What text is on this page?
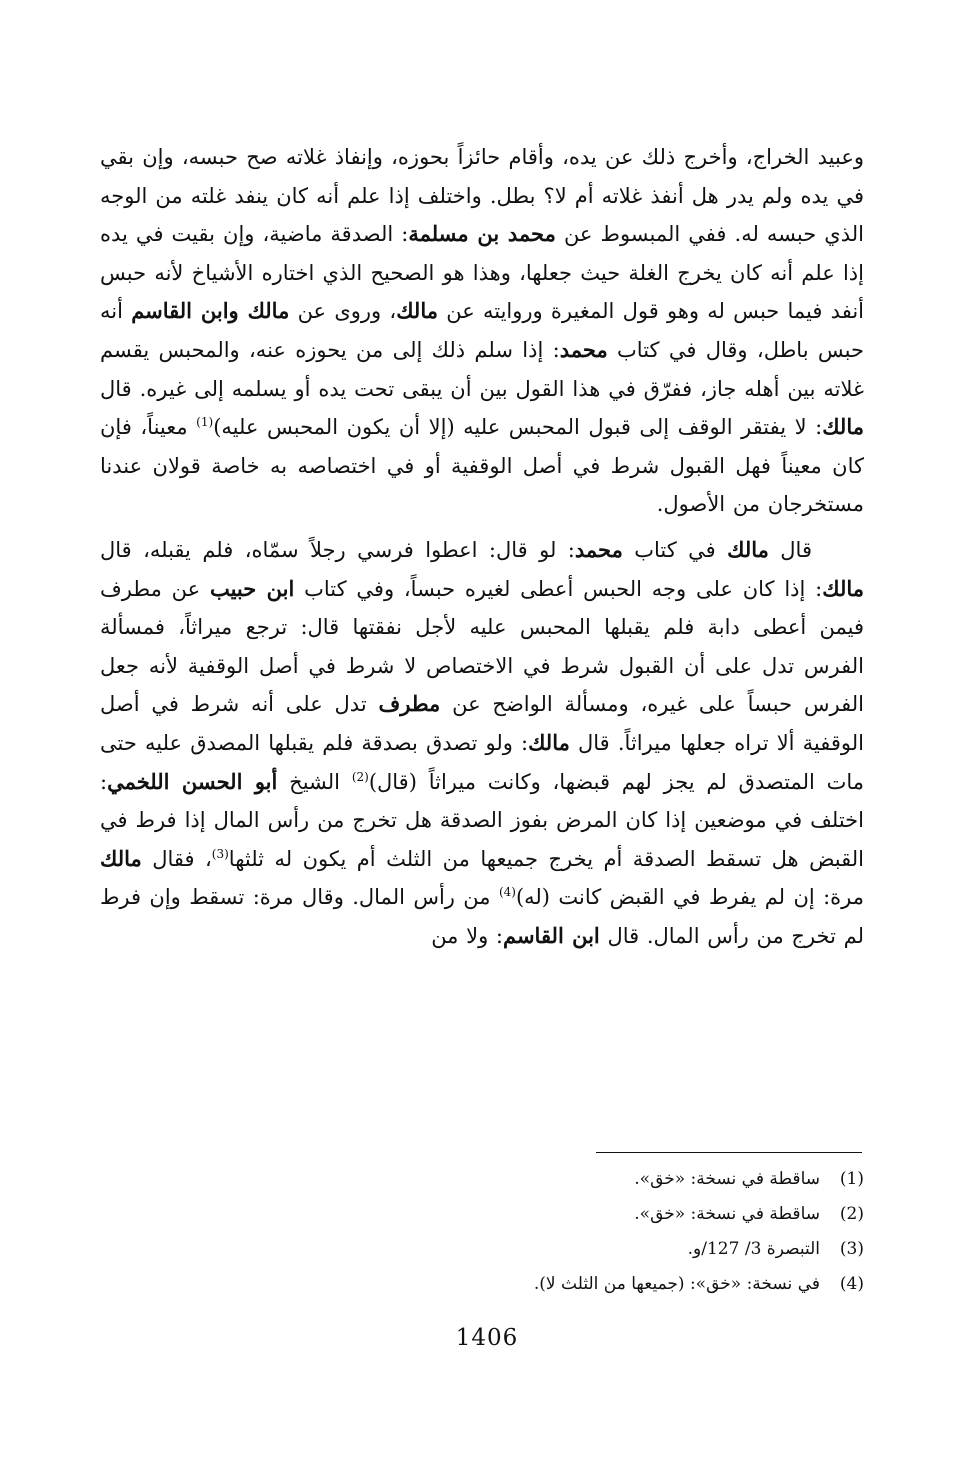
وعبيد الخراج، وأخرج ذلك عن يده، وأقام حائزاً بحوزه، وإنفاذ غلاته صح حبسه، وإن بقي في يده ولم يدر هل أنفذ غلاته أم لا؟ بطل. واختلف إذا علم أنه كان ينفد غلته من الوجه الذي حبسه له. ففي المبسوط عن محمد بن مسلمة: الصدقة ماضية، وإن بقيت في يده إذا علم أنه كان يخرج الغلة حيث جعلها، وهذا هو الصحيح الذي اختاره الأشياخ لأنه حبس أنفد فيما حبس له وهو قول المغيرة وروايته عن مالك، وروى عن مالك وابن القاسم أنه حبس باطل، وقال في كتاب محمد: إذا سلم ذلك إلى من يحوزه عنه، والمحبس يقسم غلاته بين أهله جاز، ففرّق في هذا القول بين أن يبقى تحت يده أو يسلمه إلى غيره. قال مالك: لا يفتقر الوقف إلى قبول المحبس عليه (إلا أن يكون المحبس عليه)$^{(1)}$ معيناً، فإن كان معيناً فهل القبول شرط في أصل الوقفية أو في اختصاصه به خاصة قولان عندنا مستخرجان من الأصول.

قال مالك في كتاب محمد: لو قال: اعطوا فرسي رجلاً سمّاه، فلم يقبله، قال مالك: إذا كان على وجه الحبس أعطى لغيره حبساً، وفي كتاب ابن حبيب عن مطرف فيمن أعطى دابة فلم يقبلها المحبس عليه لأجل نفقتها قال: ترجع ميراثاً، فمسألة الفرس تدل على أن القبول شرط في الاختصاص لا شرط في أصل الوقفية لأنه جعل الفرس حبساً على غيره، ومسألة الواضح عن مطرف تدل على أنه شرط في أصل الوقفية ألا تراه جعلها ميراثاً. قال مالك: ولو تصدق بصدقة فلم يقبلها المصدق عليه حتى مات المتصدق لم يجز لهم قبضها، وكانت ميراثاً (قال)$^{(2)}$ الشيخ أبو الحسن اللخمي: اختلف في موضعين إذا كان المرض بفوز الصدقة هل تخرج من رأس المال إذا فرط في القبض هل تسقط الصدقة أم يخرج جميعها من الثلث أم يكون له ثلثها$^{(3)}$، فقال مالك مرة: إن لم يفرط في القبض كانت (له)$^{(4)}$ من رأس المال. وقال مرة: تسقط وإن فرط لم تخرج من رأس المال. قال ابن القاسم: ولا من

(1)ساقطة في نسخة: «خق».
(2)ساقطة في نسخة: «خق».
(3)التبصرة 3/ 127/و.
(4)في نسخة: «خق»: (جميعها من الثلث لا).
1406
